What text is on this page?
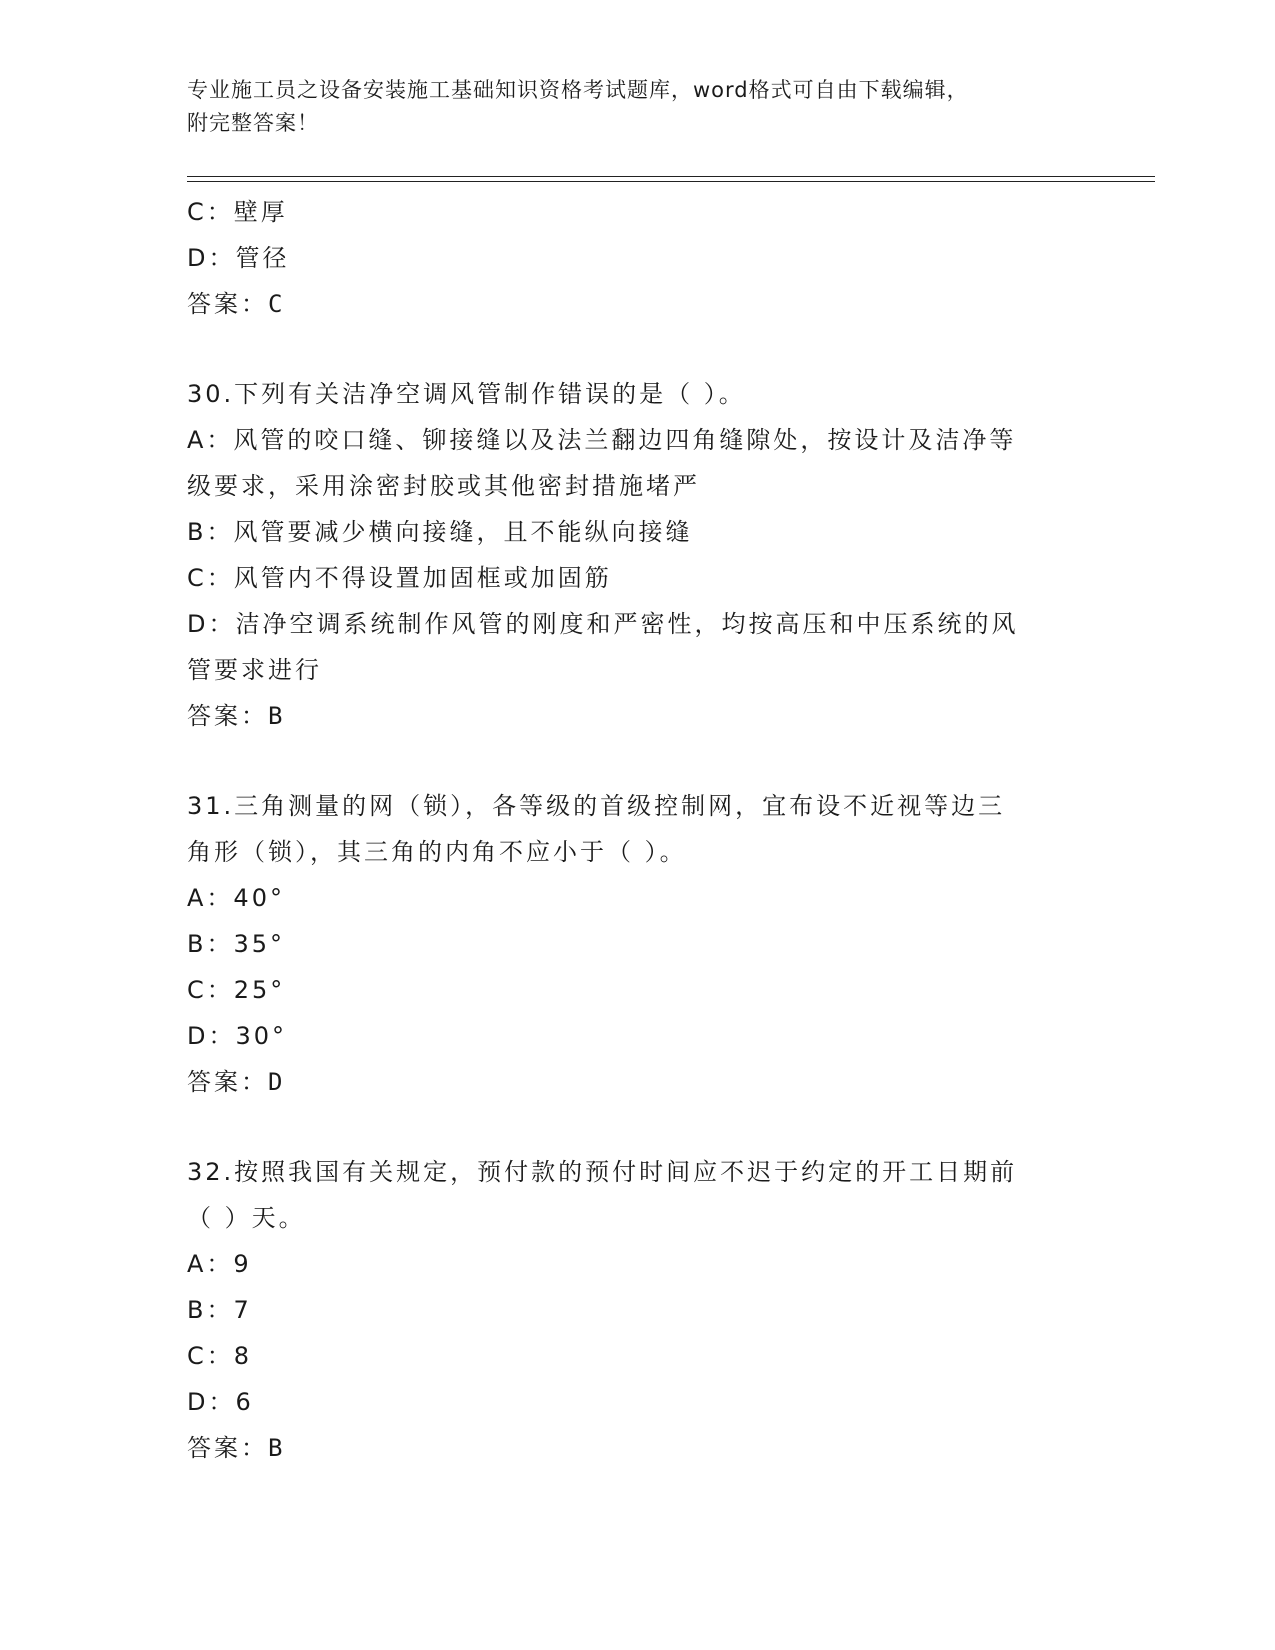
专业施工员之设备安装施工基础知识资格考试题库，word格式可自由下载编辑，
附完整答案！
C：壁厚
D：管径
答案：C
30.下列有关洁净空调风管制作错误的是（ ）。
A：风管的咬口缝、铆接缝以及法兰翻边四角缝隙处，按设计及洁净等
级要求，采用涂密封胶或其他密封措施堵严
B：风管要减少横向接缝，且不能纵向接缝
C：风管内不得设置加固框或加固筋
D：洁净空调系统制作风管的刚度和严密性，均按高压和中压系统的风
管要求进行
答案：B
31.三角测量的网（锁），各等级的首级控制网，宜布设不近视等边三
角形（锁），其三角的内角不应小于（ ）。
A：40°
B：35°
C：25°
D：30°
答案：D
32.按照我国有关规定，预付款的预付时间应不迟于约定的开工日期前
（ ）天。
A：9
B：7
C：8
D：6
答案：B
